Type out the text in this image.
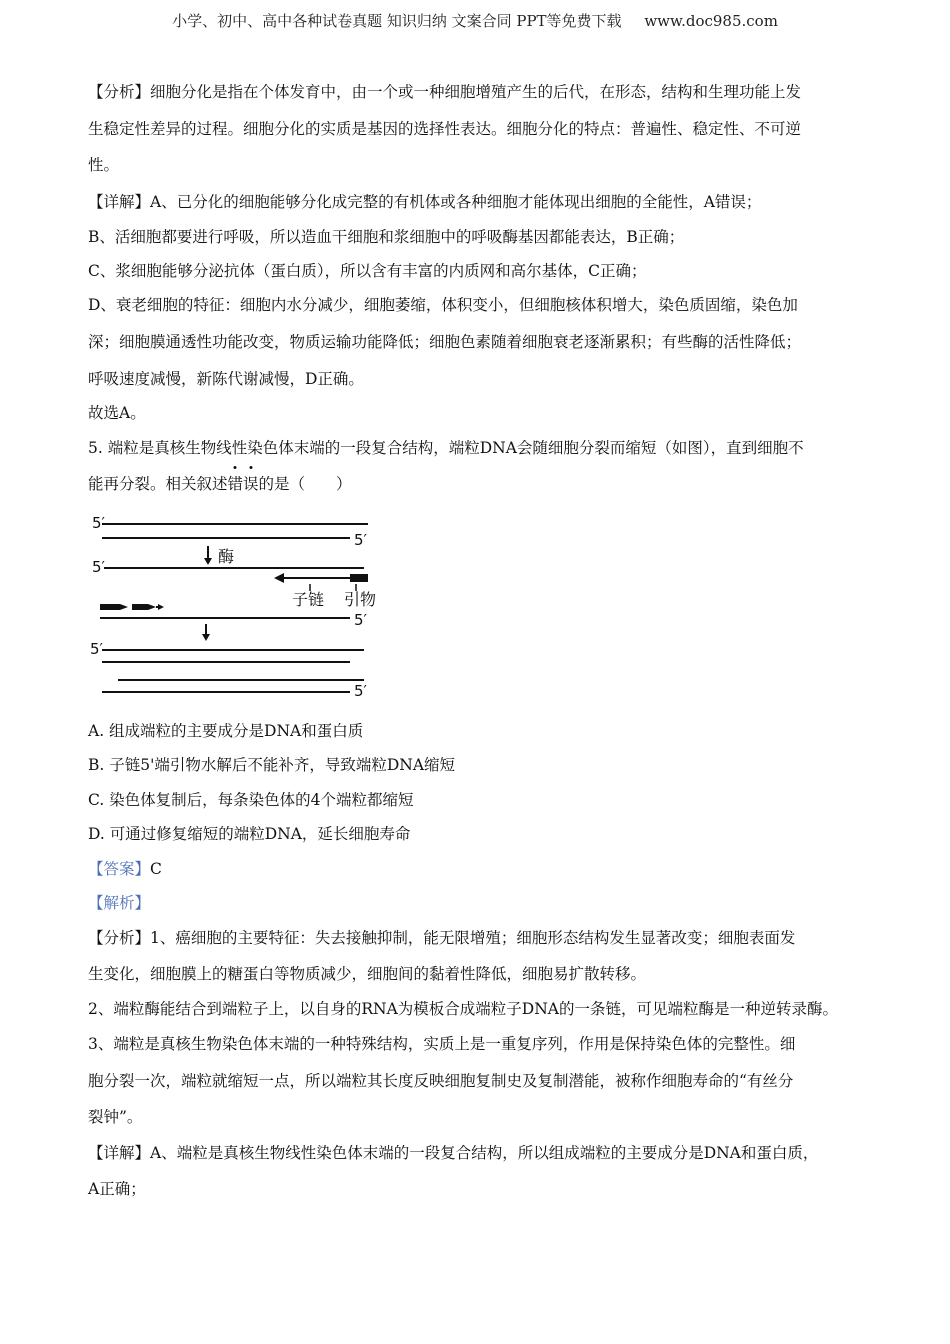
小学、初中、高中各种试卷真题 知识归纳 文案合同 PPT等免费下载 www.doc985.com
【分析】细胞分化是指在个体发育中，由一个或一种细胞增殖产生的后代，在形态，结构和生理功能上发
生稳定性差异的过程。细胞分化的实质是基因的选择性表达。细胞分化的特点：普遍性、稳定性、不可逆
性。
【详解】A、已分化的细胞能够分化成完整的有机体或各种细胞才能体现出细胞的全能性，A错误；
B、活细胞都要进行呼吸，所以造血干细胞和浆细胞中的呼吸酶基因都能表达，B正确；
C、浆细胞能够分泌抗体（蛋白质），所以含有丰富的内质网和高尔基体，C正确；
D、衰老细胞的特征：细胞内水分减少，细胞萎缩，体积变小，但细胞核体积增大，染色质固缩，染色加
深；细胞膜通透性功能改变，物质运输功能降低；细胞色素随着细胞衰老逐渐累积；有些酶的活性降低；
呼吸速度减慢，新陈代谢减慢，D正确。
故选A。
5. 端粒是真核生物线性染色体末端的一段复合结构，端粒DNA会随细胞分裂而缩短（如图），直到细胞不
能再分裂。相关叙述错误的是（　　）
A. 组成端粒的主要成分是DNA和蛋白质
B. 子链5'端引物水解后不能补齐，导致端粒DNA缩短
C. 染色体复制后，每条染色体的4个端粒都缩短
D. 可通过修复缩短的端粒DNA，延长细胞寿命
【答案】C
【解析】
【分析】1、癌细胞的主要特征：失去接触抑制，能无限增殖；细胞形态结构发生显著改变；细胞表面发
生变化，细胞膜上的糖蛋白等物质减少，细胞间的黏着性降低，细胞易扩散转移。
2、端粒酶能结合到端粒子上，以自身的RNA为模板合成端粒子DNA的一条链，可见端粒酶是一种逆转录酶。
3、端粒是真核生物染色体末端的一种特殊结构，实质上是一重复序列，作用是保持染色体的完整性。细
胞分裂一次，端粒就缩短一点，所以端粒其长度反映细胞复制史及复制潜能，被称作细胞寿命的“有丝分
裂钟”。
【详解】A、端粒是真核生物线性染色体末端的一段复合结构，所以组成端粒的主要成分是DNA和蛋白质，
A正确；
5′
5′
酶
5′
子链 引物
5′
5′
5′
